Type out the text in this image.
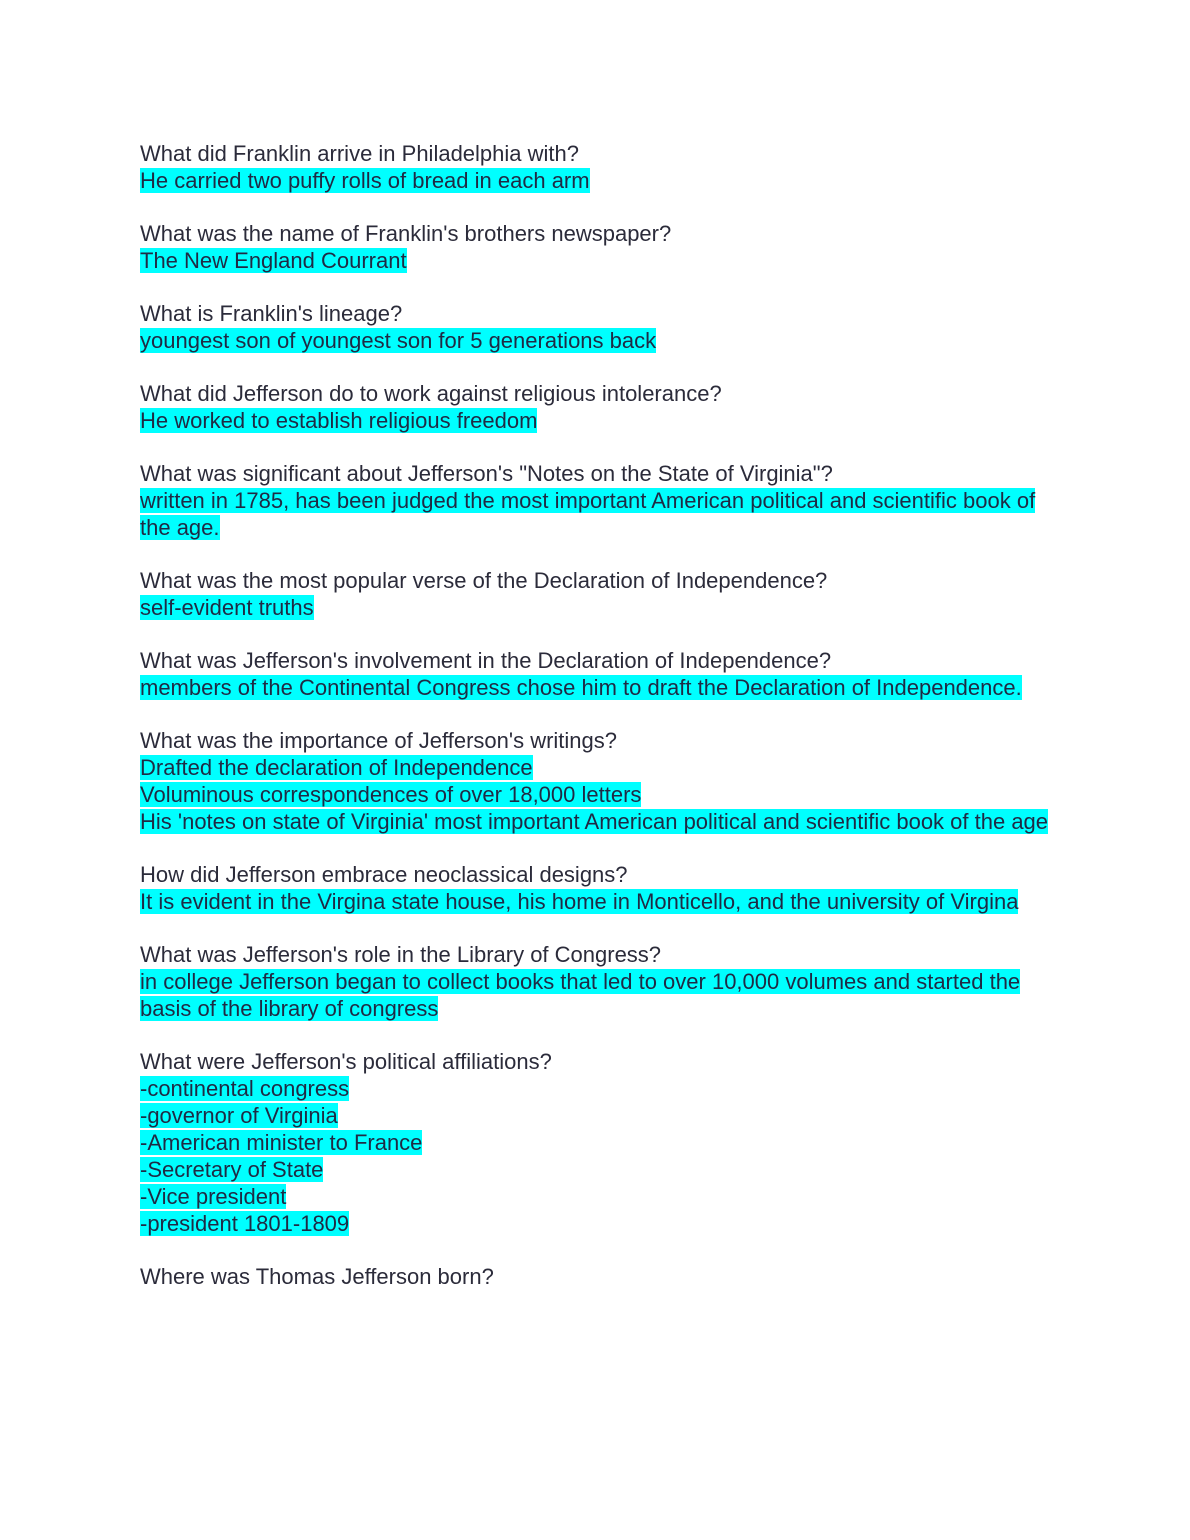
What did Franklin arrive in Philadelphia with?
He carried two puffy rolls of bread in each arm
What was the name of Franklin's brothers newspaper?
The New England Courrant
What is Franklin's lineage?
youngest son of youngest son for 5 generations back
What did Jefferson do to work against religious intolerance?
He worked to establish religious freedom
What was significant about Jefferson's "Notes on the State of Virginia"?
written in 1785, has been judged the most important American political and scientific book of the age.
What was the most popular verse of the Declaration of Independence?
self-evident truths
What was Jefferson's involvement in the Declaration of Independence?
members of the Continental Congress chose him to draft the Declaration of Independence.
What was the importance of Jefferson's writings?
Drafted the declaration of Independence
Voluminous correspondences of over 18,000 letters
His 'notes on state of Virginia' most important American political and scientific book of the age
How did Jefferson embrace neoclassical designs?
It is evident in the Virgina state house, his home in Monticello, and the university of Virgina
What was Jefferson's role in the Library of Congress?
in college Jefferson began to collect books that led to over 10,000 volumes and started the basis of the library of congress
What were Jefferson's political affiliations?
-continental congress
-governor of Virginia
-American minister to France
-Secretary of State
-Vice president
-president 1801-1809
Where was Thomas Jefferson born?
